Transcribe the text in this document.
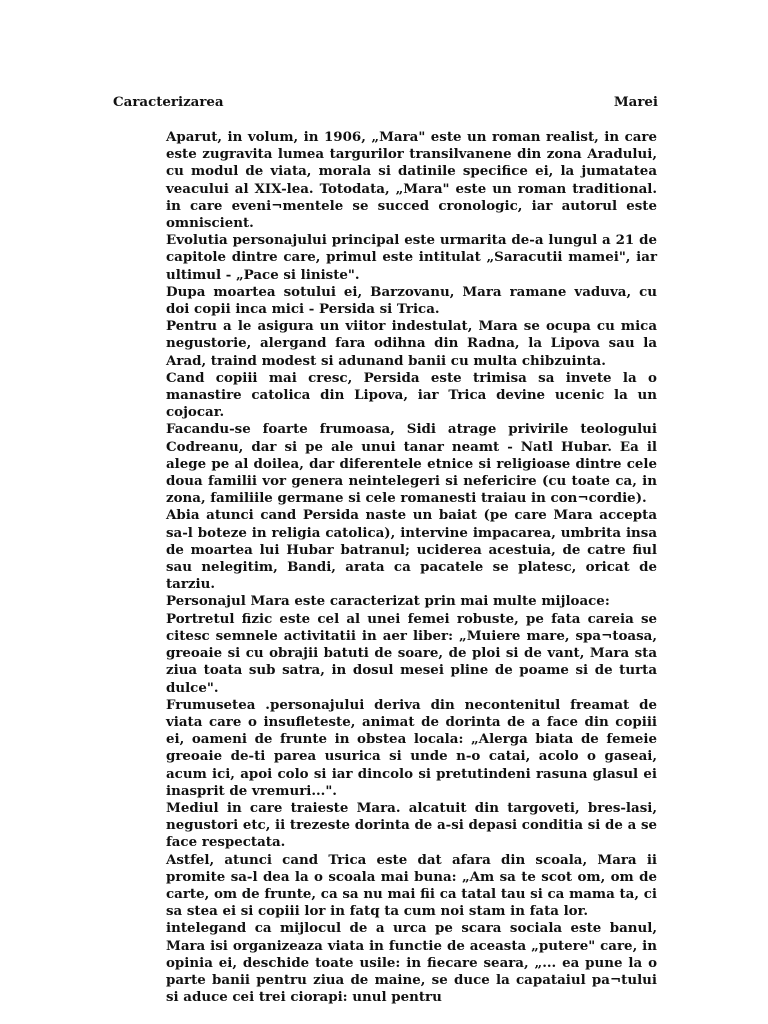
Caracterizarea	Marei

Aparut, in volum, in 1906, „Mara" este un roman realist, in care este zugravita lumea targurilor transilvanene din zona Aradului, cu modul de viata, morala si datinile specifice ei, la jumatatea veacului al XIX-lea. Totodata, „Mara" este un roman traditional. in care eveni¬mentele se succed cronologic, iar autorul este omniscient.

Evolutia personajului principal este urmarita de-a lungul a 21 de capitole dintre care, primul este intitulat „Saracutii mamei", iar ultimul - „Pace si liniste".

Dupa moartea sotului ei, Barzovanu, Mara ramane vaduva, cu doi copii inca mici - Persida si Trica.

Pentru a le asigura un viitor indestulat, Mara se ocupa cu mica negustorie, alergand fara odihna din Radna, la Lipova sau la Arad, traind modest si adunand banii cu multa chibzuinta.

Cand copiii mai cresc, Persida este trimisa sa invete la o manastire catolica din Lipova, iar Trica devine ucenic la un cojocar.

Facandu-se foarte frumoasa, Sidi atrage privirile teologului Codreanu, dar si pe ale unui tanar neamt - Natl Hubar. Ea il alege pe al doilea, dar diferentele etnice si religioase dintre cele doua familii vor genera neintelegeri si nefericire (cu toate ca, in zona, familiile germane si cele romanesti traiau in con¬cordie).

Abia atunci cand Persida naste un baiat (pe care Mara accepta sa-l boteze in religia catolica), intervine impacarea, umbrita insa de moartea lui Hubar batranul; uciderea acestuia, de catre fiul sau nelegitim, Bandi, arata ca pacatele se platesc, oricat de tarziu.

Personajul Mara este caracterizat prin mai multe mijloace:

Portretul fizic este cel al unei femei robuste, pe fata careia se citesc semnele activitatii in aer liber: „Muiere mare, spa¬toasa, greoaie si cu obrajii batuti de soare, de ploi si de vant, Mara sta ziua toata sub satra, in dosul mesei pline de poame si de turta dulce".

Frumusetea .personajului deriva din necontenitul freamat de viata care o insufleteste, animat de dorinta de a face din copiii ei, oameni de frunte in obstea locala: „Alerga biata de femeie greoaie de-ti parea usurica si unde n-o catai, acolo o gaseai, acum ici, apoi colo si iar dincolo si pretutindeni rasuna glasul ei inasprit de vremuri...".

Mediul in care traieste Mara. alcatuit din targoveti, bres-lasi, negustori etc, ii trezeste dorinta de a-si depasi conditia si de a se face respectata.

Astfel, atunci cand Trica este dat afara din scoala, Mara ii promite sa-l dea la o scoala mai buna: „Am sa te scot om, om de carte, om de frunte, ca sa nu mai fii ca tatal tau si ca mama ta, ci sa stea ei si copiii lor in fatq ta cum noi stam in fata lor.

intelegand ca mijlocul de a urca pe scara sociala este banul, Mara isi organizeaza viata in functie de aceasta „putere" care, in opinia ei, deschide toate usile: in fiecare seara, „... ea pune la o parte banii pentru ziua de maine, se duce la capataiul pa¬tului si aduce cei trei ciorapi: unul pentru
